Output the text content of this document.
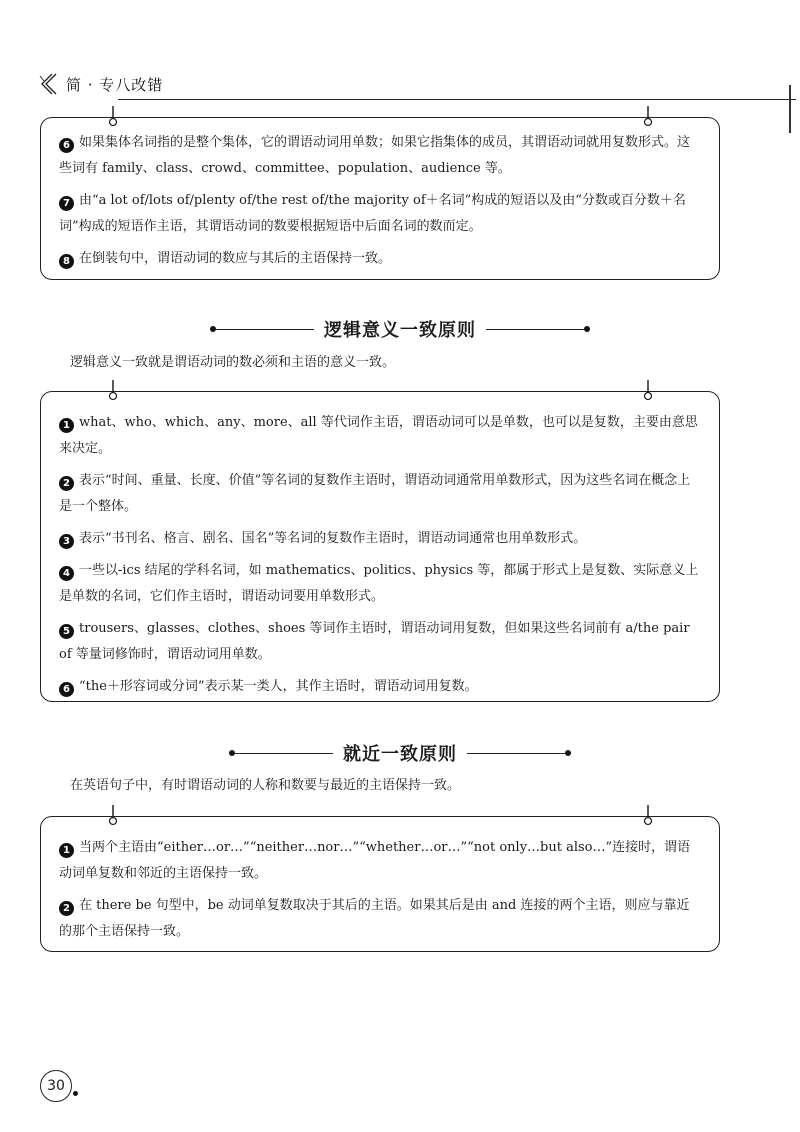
简 · 专八改错

6 如果集体名词指的是整个集体，它的谓语动词用单数；如果它指集体的成员，其谓语动词就用复数形式。这些词有 family、class、crowd、committee、population、audience 等。

7 由“a lot of/lots of/plenty of/the rest of/the majority of＋名词”构成的短语以及由“分数或百分数＋名词”构成的短语作主语，其谓语动词的数要根据短语中后面名词的数而定。

8 在倒装句中，谓语动词的数应与其后的主语保持一致。

逻辑意义一致原则
逻辑意义一致就是谓语动词的数必须和主语的意义一致。

1 what、who、which、any、more、all 等代词作主语，谓语动词可以是单数，也可以是复数，主要由意思来决定。

2 表示“时间、重量、长度、价值”等名词的复数作主语时，谓语动词通常用单数形式，因为这些名词在概念上是一个整体。

3 表示“书刊名、格言、剧名、国名”等名词的复数作主语时，谓语动词通常也用单数形式。

4 一些以-ics 结尾的学科名词，如 mathematics、politics、physics 等，都属于形式上是复数、实际意义上是单数的名词，它们作主语时，谓语动词要用单数形式。

5 trousers、glasses、clothes、shoes 等词作主语时，谓语动词用复数，但如果这些名词前有 a/the pair of 等量词修饰时，谓语动词用单数。

6 “the＋形容词或分词”表示某一类人，其作主语时，谓语动词用复数。

就近一致原则
在英语句子中，有时谓语动词的人称和数要与最近的主语保持一致。

1 当两个主语由“either…or…”“neither…nor…”“whether…or…”“not only…but also…”连接时，谓语动词单复数和邻近的主语保持一致。

2 在 there be 句型中，be 动词单复数取决于其后的主语。如果其后是由 and 连接的两个主语，则应与靠近的那个主语保持一致。

30
